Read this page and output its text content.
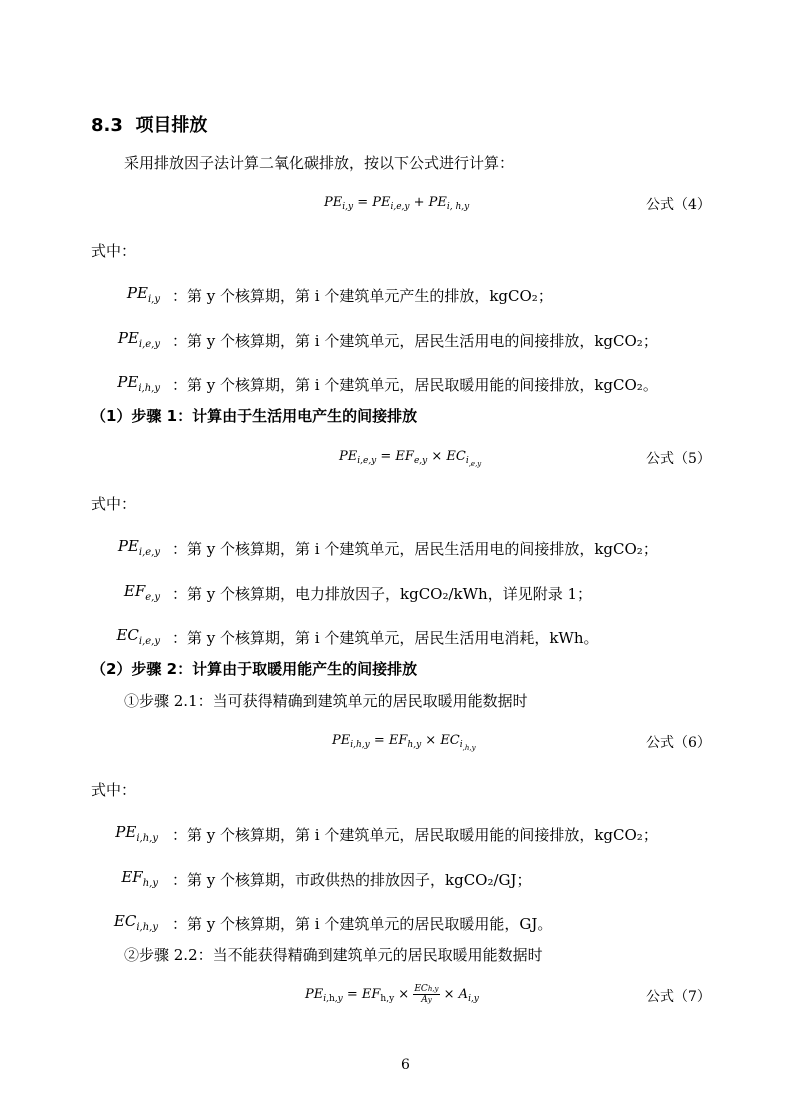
8.3 项目排放
采用排放因子法计算二氧化碳排放，按以下公式进行计算：
$PE_{i,y} = PE_{i,e,y} + PE_{i, h,y}$	公式（4）
式中：
$PE_{i,y}$ ：第 y 个核算期，第 i 个建筑单元产生的排放，kgCO₂；
$PE_{i,e,y}$ ：第 y 个核算期，第 i 个建筑单元，居民生活用电的间接排放，kgCO₂；
$PE_{i,h,y}$ ：第 y 个核算期，第 i 个建筑单元，居民取暖用能的间接排放，kgCO₂。
（1）步骤 1：计算由于生活用电产生的间接排放
$PE_{i,e,y} = EF_{e,y} \times EC_{i_{,e,y}}$	公式（5）
式中：
$PE_{i,e,y}$ ：第 y 个核算期，第 i 个建筑单元，居民生活用电的间接排放，kgCO₂；
$EF_{e,y}$ ：第 y 个核算期，电力排放因子，kgCO₂/kWh，详见附录 1；
$EC_{i,e,y}$ ：第 y 个核算期，第 i 个建筑单元，居民生活用电消耗，kWh。
（2）步骤 2：计算由于取暖用能产生的间接排放
①步骤 2.1：当可获得精确到建筑单元的居民取暖用能数据时
$PE_{i,h,y} = EF_{h,y} \times EC_{i_{,h,y}}$	公式（6）
式中：
$PE_{i,h,y}$ ：第 y 个核算期，第 i 个建筑单元，居民取暖用能的间接排放，kgCO₂；
$EF_{h,y}$ ：第 y 个核算期，市政供热的排放因子，kgCO₂/GJ；
$EC_{i,h,y}$ ：第 y 个核算期，第 i 个建筑单元的居民取暖用能，GJ。
②步骤 2.2：当不能获得精确到建筑单元的居民取暖用能数据时
$PE_{i,h,y} = EF_{h,y} \times \frac{\text{ECh,y}}{Ay} \times A_{i,y}$	公式（7）
6
